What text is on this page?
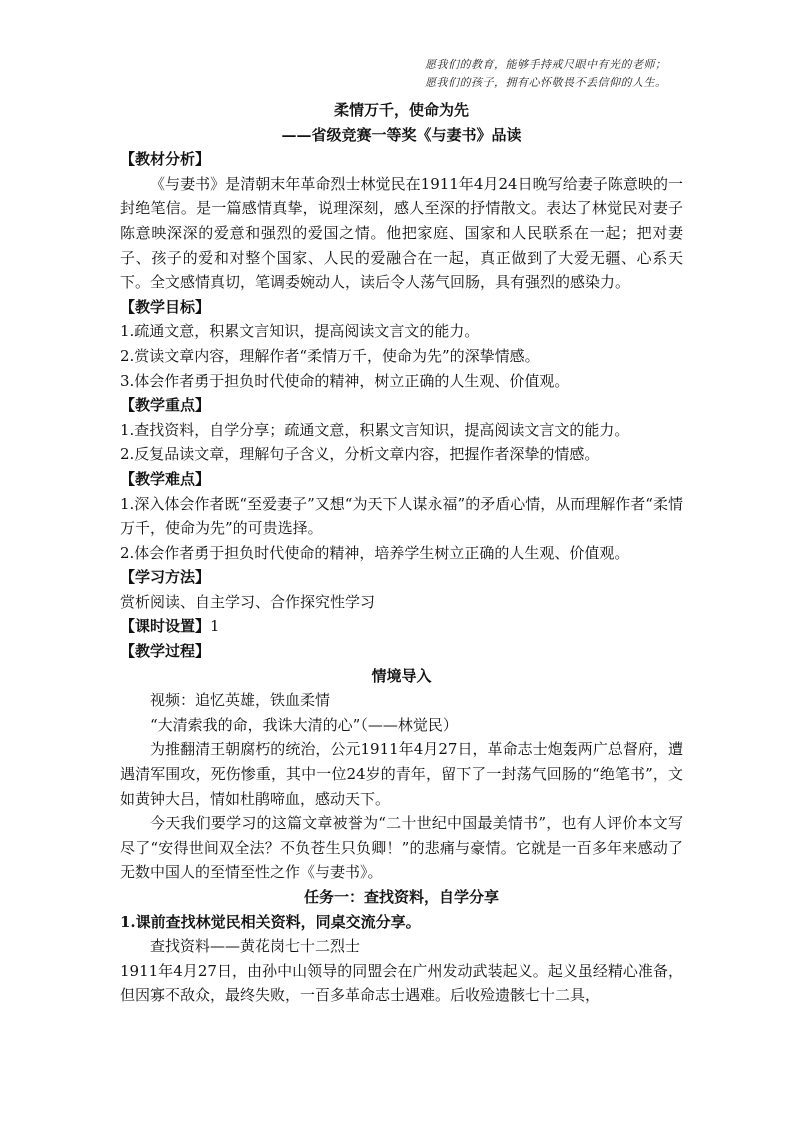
愿我们的教育，能够手持戒尺眼中有光的老师；
愿我们的孩子，拥有心怀敬畏不丢信仰的人生。

柔情万千，使命为先

——省级竞赛一等奖《与妻书》品读

【教材分析】

《与妻书》是清朝末年革命烈士林觉民在1911年4月24日晚写给妻子陈意映的一封绝笔信。是一篇感情真挚，说理深刻，感人至深的抒情散文。表达了林觉民对妻子陈意映深深的爱意和强烈的爱国之情。他把家庭、国家和人民联系在一起；把对妻子、孩子的爱和对整个国家、人民的爱融合在一起，真正做到了大爱无疆、心系天下。全文感情真切，笔调委婉动人，读后令人荡气回肠，具有强烈的感染力。

【教学目标】

1.疏通文意，积累文言知识，提高阅读文言文的能力。

2.赏读文章内容，理解作者“柔情万千，使命为先”的深挚情感。

3.体会作者勇于担负时代使命的精神，树立正确的人生观、价值观。

【教学重点】

1.查找资料，自学分享；疏通文意，积累文言知识，提高阅读文言文的能力。

2.反复品读文章，理解句子含义，分析文章内容，把握作者深挚的情感。

【教学难点】

1.深入体会作者既“至爱妻子”又想“为天下人谋永福”的矛盾心情，从而理解作者“柔情万千，使命为先”的可贵选择。

2.体会作者勇于担负时代使命的精神，培养学生树立正确的人生观、价值观。

【学习方法】

赏析阅读、自主学习、合作探究性学习

【课时设置】1

【教学过程】

情境导入

视频：追忆英雄，铁血柔情

“大清索我的命，我诛大清的心”（——林觉民）

为推翻清王朝腐朽的统治，公元1911年4月27日，革命志士炮轰两广总督府，遭遇清军围攻，死伤惨重，其中一位24岁的青年，留下了一封荡气回肠的“绝笔书”，文如黄钟大吕，情如杜鹃啼血，感动天下。

今天我们要学习的这篇文章被誉为“二十世纪中国最美情书”，也有人评价本文写尽了“安得世间双全法？不负苍生只负卿！”的悲痛与豪情。它就是一百多年来感动了无数中国人的至情至性之作《与妻书》。

任务一：查找资料，自学分享

1.课前查找林觉民相关资料，同桌交流分享。

查找资料——黄花岗七十二烈士

1911年4月27日，由孙中山领导的同盟会在广州发动武装起义。起义虽经精心准备，但因寡不敌众，最终失败，一百多革命志士遇难。后收殓遗骸七十二具，
